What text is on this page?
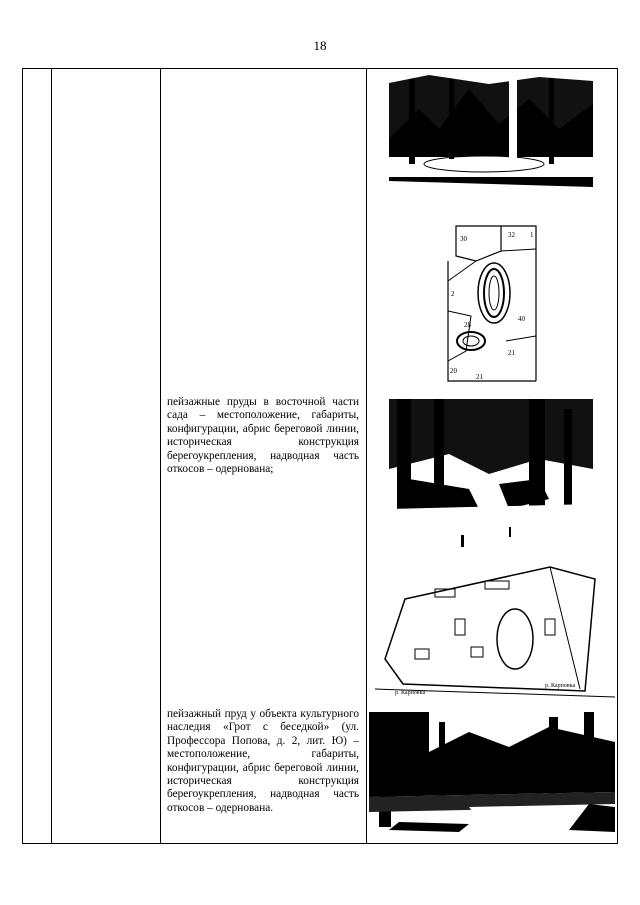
18
пейзажные пруды в восточной части сада – местоположение, габариты, конфигурации, абрис береговой линии, историческая конструкция берегоукрепления, надводная часть откосов – одернована;
пейзажный пруд у объекта культурного наследия «Грот с беседкой» (ул. Профессора Попова, д. 2, лит. Ю) – местоположение, габариты, конфигурации, абрис береговой линии, историческая конструкция берегоукрепления, надводная часть откосов – одернована.
30	32 1
40
2
28
21
20
21
р. Карповка
р. Карповка
